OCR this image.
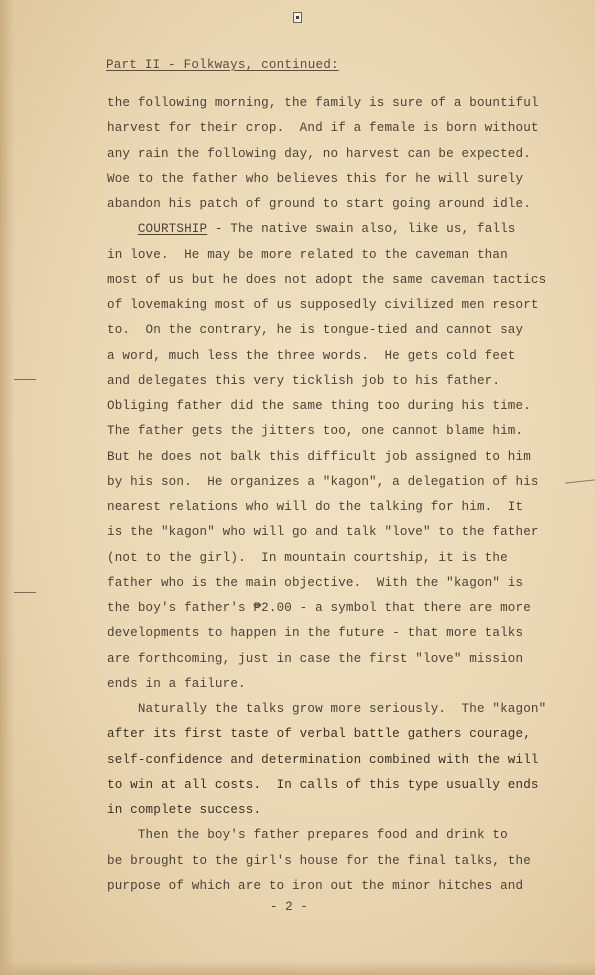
Part II - Folkways, continued:
the following morning, the family is sure of a bountiful
harvest for their crop.  And if a female is born without
any rain the following day, no harvest can be expected.
Woe to the father who believes this for he will surely
abandon his patch of ground to start going around idle.
COURTSHIP - The native swain also, like us, falls
in love.  He may be more related to the caveman than
most of us but he does not adopt the same caveman tactics
of lovemaking most of us supposedly civilized men resort
to.  On the contrary, he is tongue-tied and cannot say
a word, much less the three words.  He gets cold feet
and delegates this very ticklish job to his father.
Obliging father did the same thing too during his time.
The father gets the jitters too, one cannot blame him.
But he does not balk this difficult job assigned to him
by his son.  He organizes a "kagon", a delegation of his
nearest relations who will do the talking for him.  It
is the "kagon" who will go and talk "love" to the father
(not to the girl).  In mountain courtship, it is the
father who is the main objective.  With the "kagon" is
the boy's father's ₱2.00 - a symbol that there are more
developments to happen in the future - that more talks
are forthcoming, just in case the first "love" mission
ends in a failure.
Naturally the talks grow more seriously.  The "kagon"
after its first taste of verbal battle gathers courage,
self-confidence and determination combined with the will
to win at all costs.  In calls of this type usually ends
in complete success.
Then the boy's father prepares food and drink to
be brought to the girl's house for the final talks, the
purpose of which are to iron out the minor hitches and
- 2 -
